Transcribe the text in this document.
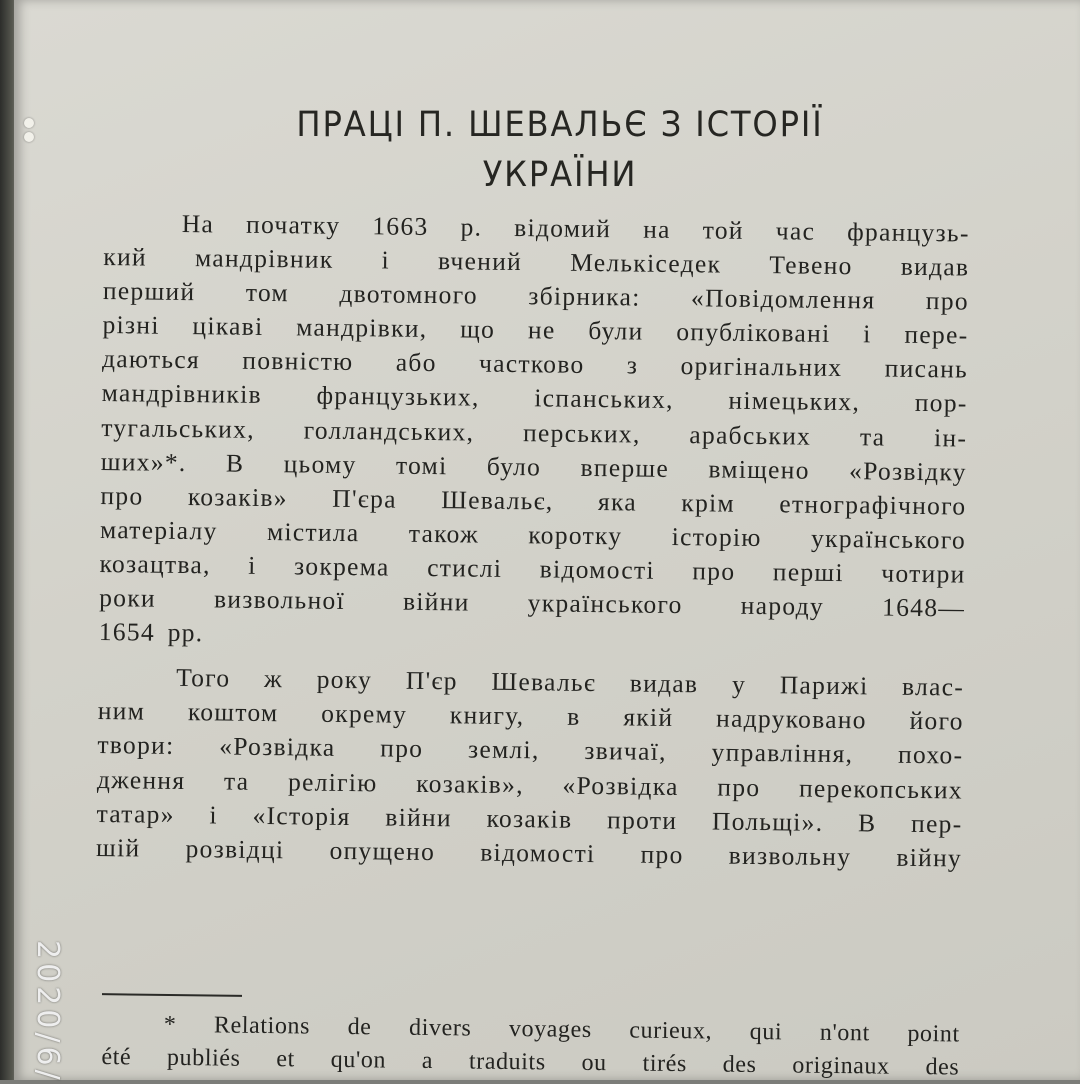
ПРАЦІ П. ШЕВАЛЬЄ З ІСТОРІЇ
УКРАЇНИ
На початку 1663 р. відомий на той час французь-
кий мандрівник і вчений Мелькіседек Тевено видав
перший том двотомного збірника: «Повідомлення про
різні цікаві мандрівки, що не були опубліковані і пере-
даються повністю або частково з оригінальних писань
мандрівників французьких, іспанських, німецьких, пор-
тугальських, голландських, перських, арабських та ін-
ших»*. В цьому томі було вперше вміщено «Розвідку
про козаків» П'єра Шевальє, яка крім етнографічного
матеріалу містила також коротку історію українського
козацтва, і зокрема стислі відомості про перші чотири
роки визвольної війни українського народу 1648—
1654 рр.
Того ж року П'єр Шевальє видав у Парижі влас-
ним коштом окрему книгу, в якій надруковано його
твори: «Розвідка про землі, звичаї, управління, похо-
дження та релігію козаків», «Розвідка про перекопських
татар» і «Історія війни козаків проти Польщі». В пер-
шій розвідці опущено відомості про визвольну війну
* Relations de divers voyages curieux, qui n'ont point
été publiés et qu'on a traduits ou tirés des originaux des
2020/6/
